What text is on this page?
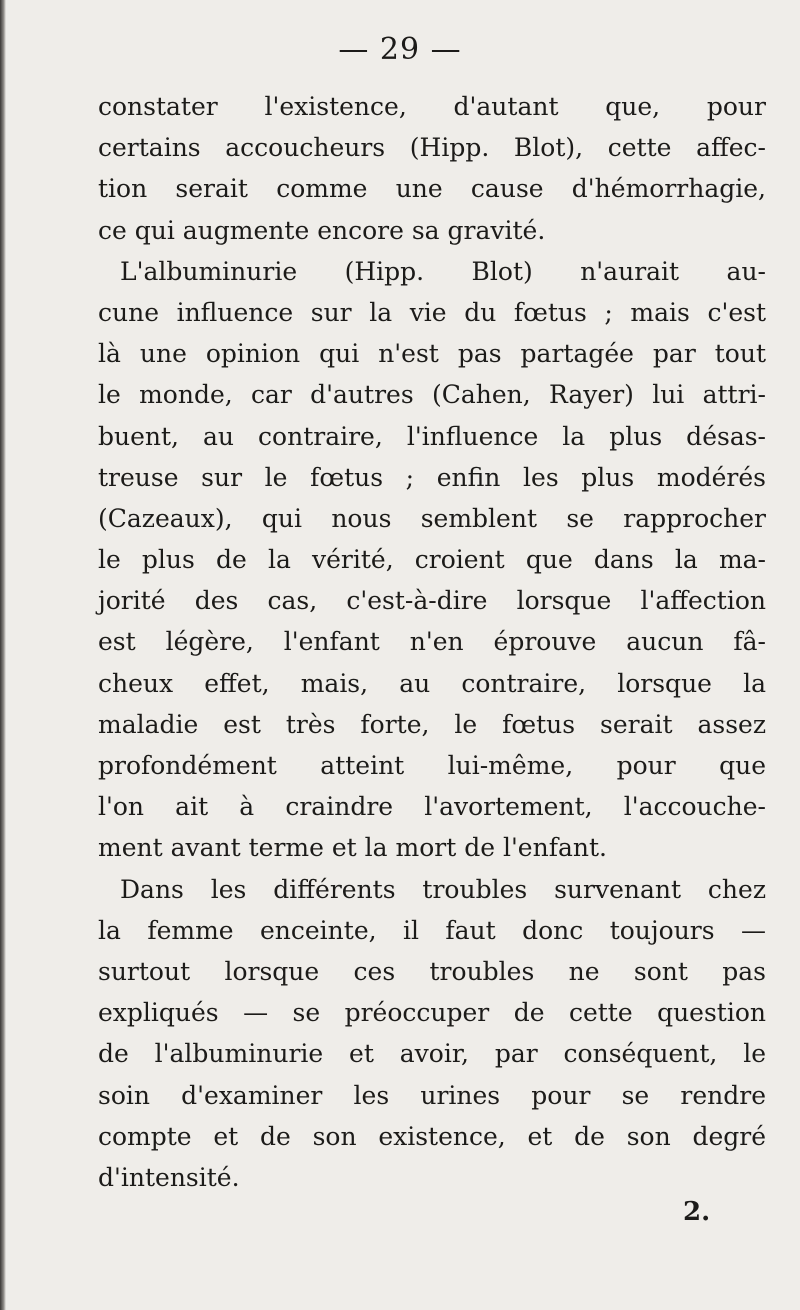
— 29 —
constater l'existence, d'autant que, pour
certains accoucheurs (Hipp. Blot), cette affec-
tion serait comme une cause d'hémorrhagie,
ce qui augmente encore sa gravité.
L'albuminurie (Hipp. Blot) n'aurait au-
cune influence sur la vie du fœtus ; mais c'est
là une opinion qui n'est pas partagée par tout
le monde, car d'autres (Cahen, Rayer) lui attri-
buent, au contraire, l'influence la plus désas-
treuse sur le fœtus ; enfin les plus modérés
(Cazeaux), qui nous semblent se rapprocher
le plus de la vérité, croient que dans la ma-
jorité des cas, c'est-à-dire lorsque l'affection
est légère, l'enfant n'en éprouve aucun fâ-
cheux effet, mais, au contraire, lorsque la
maladie est très forte, le fœtus serait assez
profondément atteint lui-même, pour que
l'on ait à craindre l'avortement, l'accouche-
ment avant terme et la mort de l'enfant.
Dans les différents troubles survenant chez
la femme enceinte, il faut donc toujours —
surtout lorsque ces troubles ne sont pas
expliqués — se préoccuper de cette question
de l'albuminurie et avoir, par conséquent, le
soin d'examiner les urines pour se rendre
compte et de son existence, et de son degré
d'intensité.
2.
